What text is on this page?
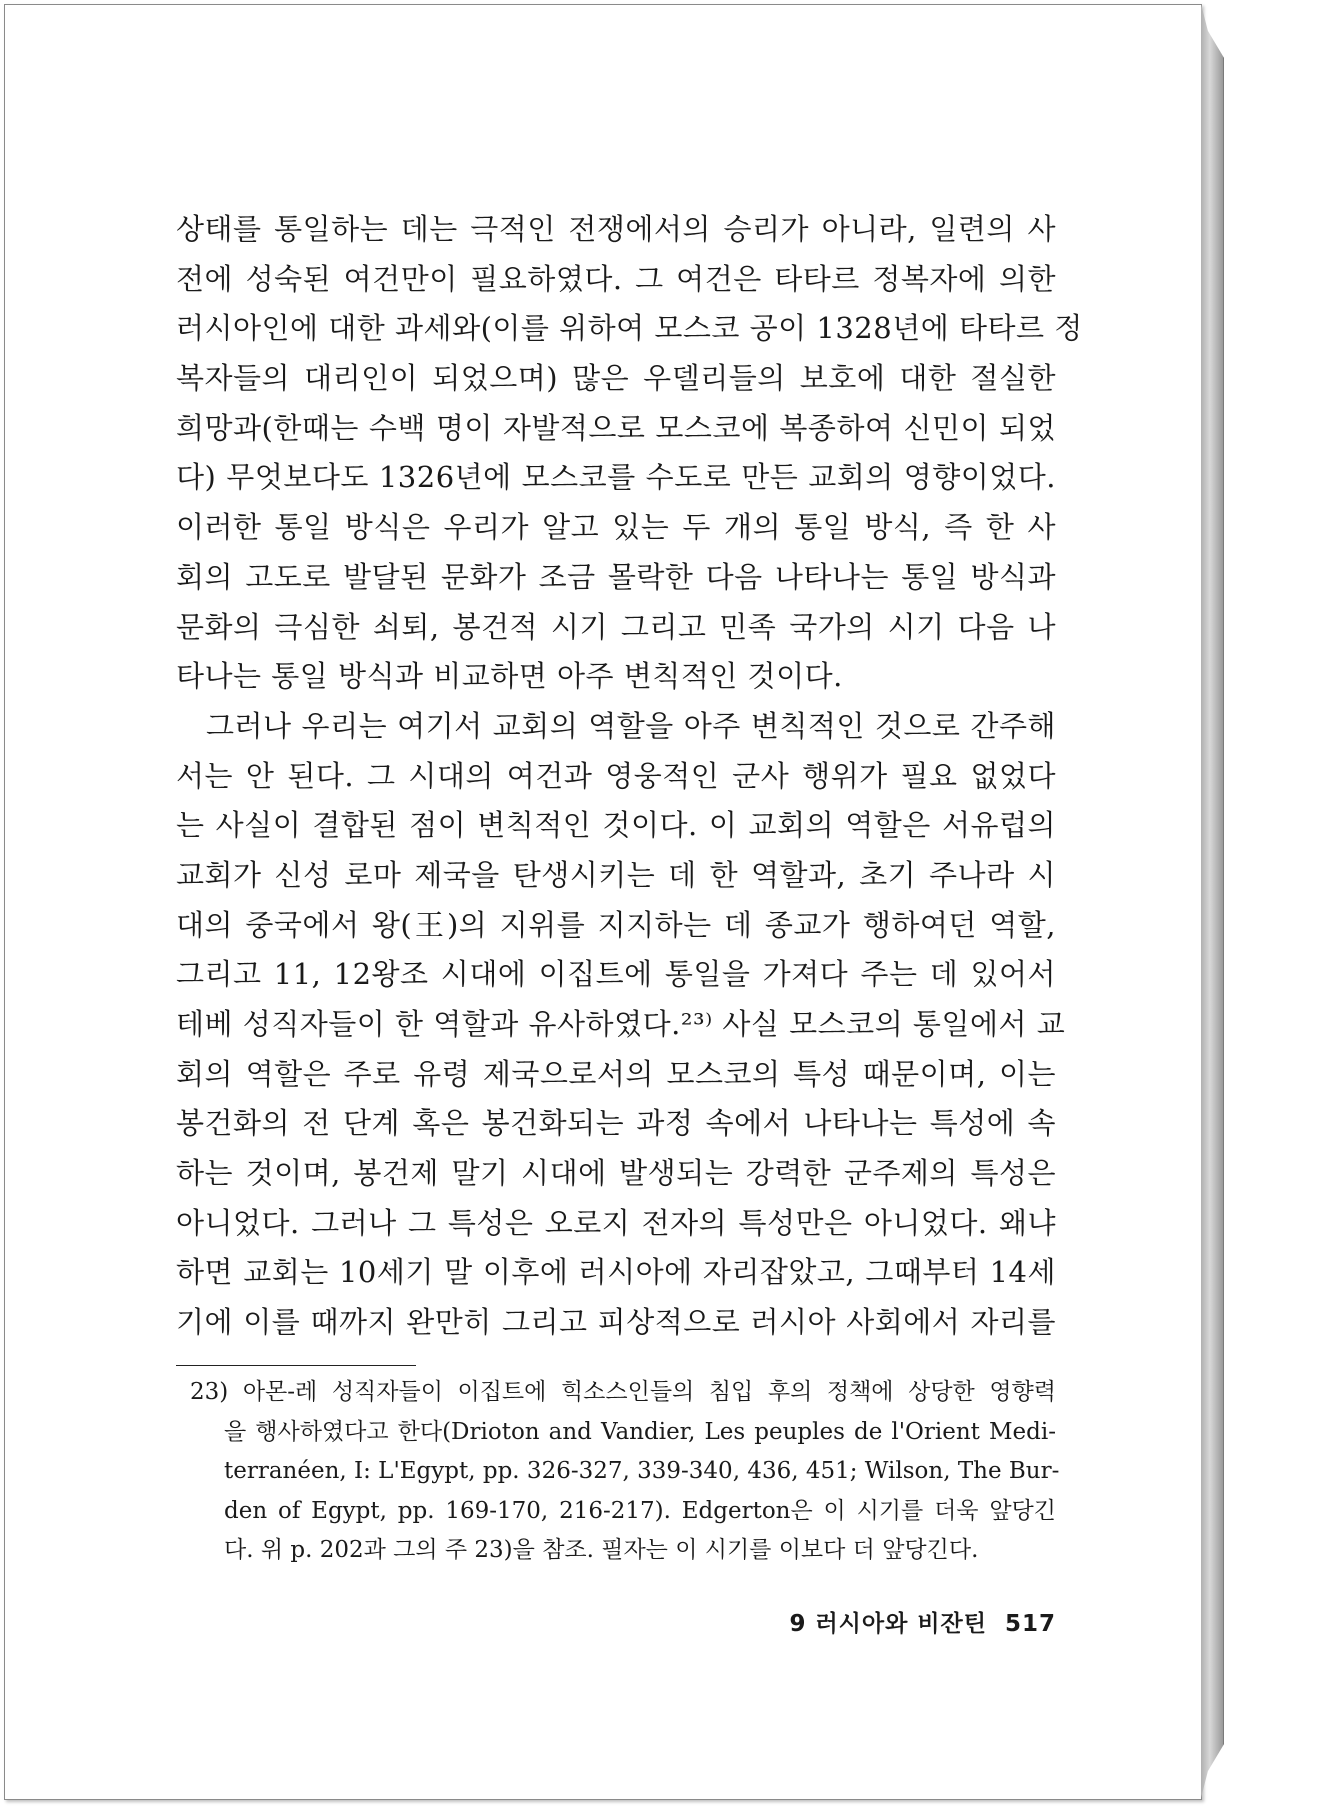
상태를 통일하는 데는 극적인 전쟁에서의 승리가 아니라, 일련의 사
전에 성숙된 여건만이 필요하였다. 그 여건은 타타르 정복자에 의한
러시아인에 대한 과세와(이를 위하여 모스코 공이 1328년에 타타르 정
복자들의 대리인이 되었으며) 많은 우델리들의 보호에 대한 절실한
희망과(한때는 수백 명이 자발적으로 모스코에 복종하여 신민이 되었
다) 무엇보다도 1326년에 모스코를 수도로 만든 교회의 영향이었다.
이러한 통일 방식은 우리가 알고 있는 두 개의 통일 방식, 즉 한 사
회의 고도로 발달된 문화가 조금 몰락한 다음 나타나는 통일 방식과
문화의 극심한 쇠퇴, 봉건적 시기 그리고 민족 국가의 시기 다음 나
타나는 통일 방식과 비교하면 아주 변칙적인 것이다.
그러나 우리는 여기서 교회의 역할을 아주 변칙적인 것으로 간주해
서는 안 된다. 그 시대의 여건과 영웅적인 군사 행위가 필요 없었다
는 사실이 결합된 점이 변칙적인 것이다. 이 교회의 역할은 서유럽의
교회가 신성 로마 제국을 탄생시키는 데 한 역할과, 초기 주나라 시
대의 중국에서 왕(王)의 지위를 지지하는 데 종교가 행하여던 역할,
그리고 11, 12왕조 시대에 이집트에 통일을 가져다 주는 데 있어서
테베 성직자들이 한 역할과 유사하였다.²³⁾ 사실 모스코의 통일에서 교
회의 역할은 주로 유령 제국으로서의 모스코의 특성 때문이며, 이는
봉건화의 전 단계 혹은 봉건화되는 과정 속에서 나타나는 특성에 속
하는 것이며, 봉건제 말기 시대에 발생되는 강력한 군주제의 특성은
아니었다. 그러나 그 특성은 오로지 전자의 특성만은 아니었다. 왜냐
하면 교회는 10세기 말 이후에 러시아에 자리잡았고, 그때부터 14세
기에 이를 때까지 완만히 그리고 피상적으로 러시아 사회에서 자리를
23) 아몬-레 성직자들이 이집트에 힉소스인들의 침입 후의 정책에 상당한 영향력
을 행사하였다고 한다(Drioton and Vandier, Les peuples de l'Orient Medi-
terranéen, Ⅰ: L'Egypt, pp. 326-327, 339-340, 436, 451; Wilson, The Bur-
den of Egypt, pp. 169-170, 216-217). Edgerton은 이 시기를 더욱 앞당긴
다. 위 p. 202과 그의 주 23)을 참조. 필자는 이 시기를 이보다 더 앞당긴다.
9 러시아와 비잔틴 517
